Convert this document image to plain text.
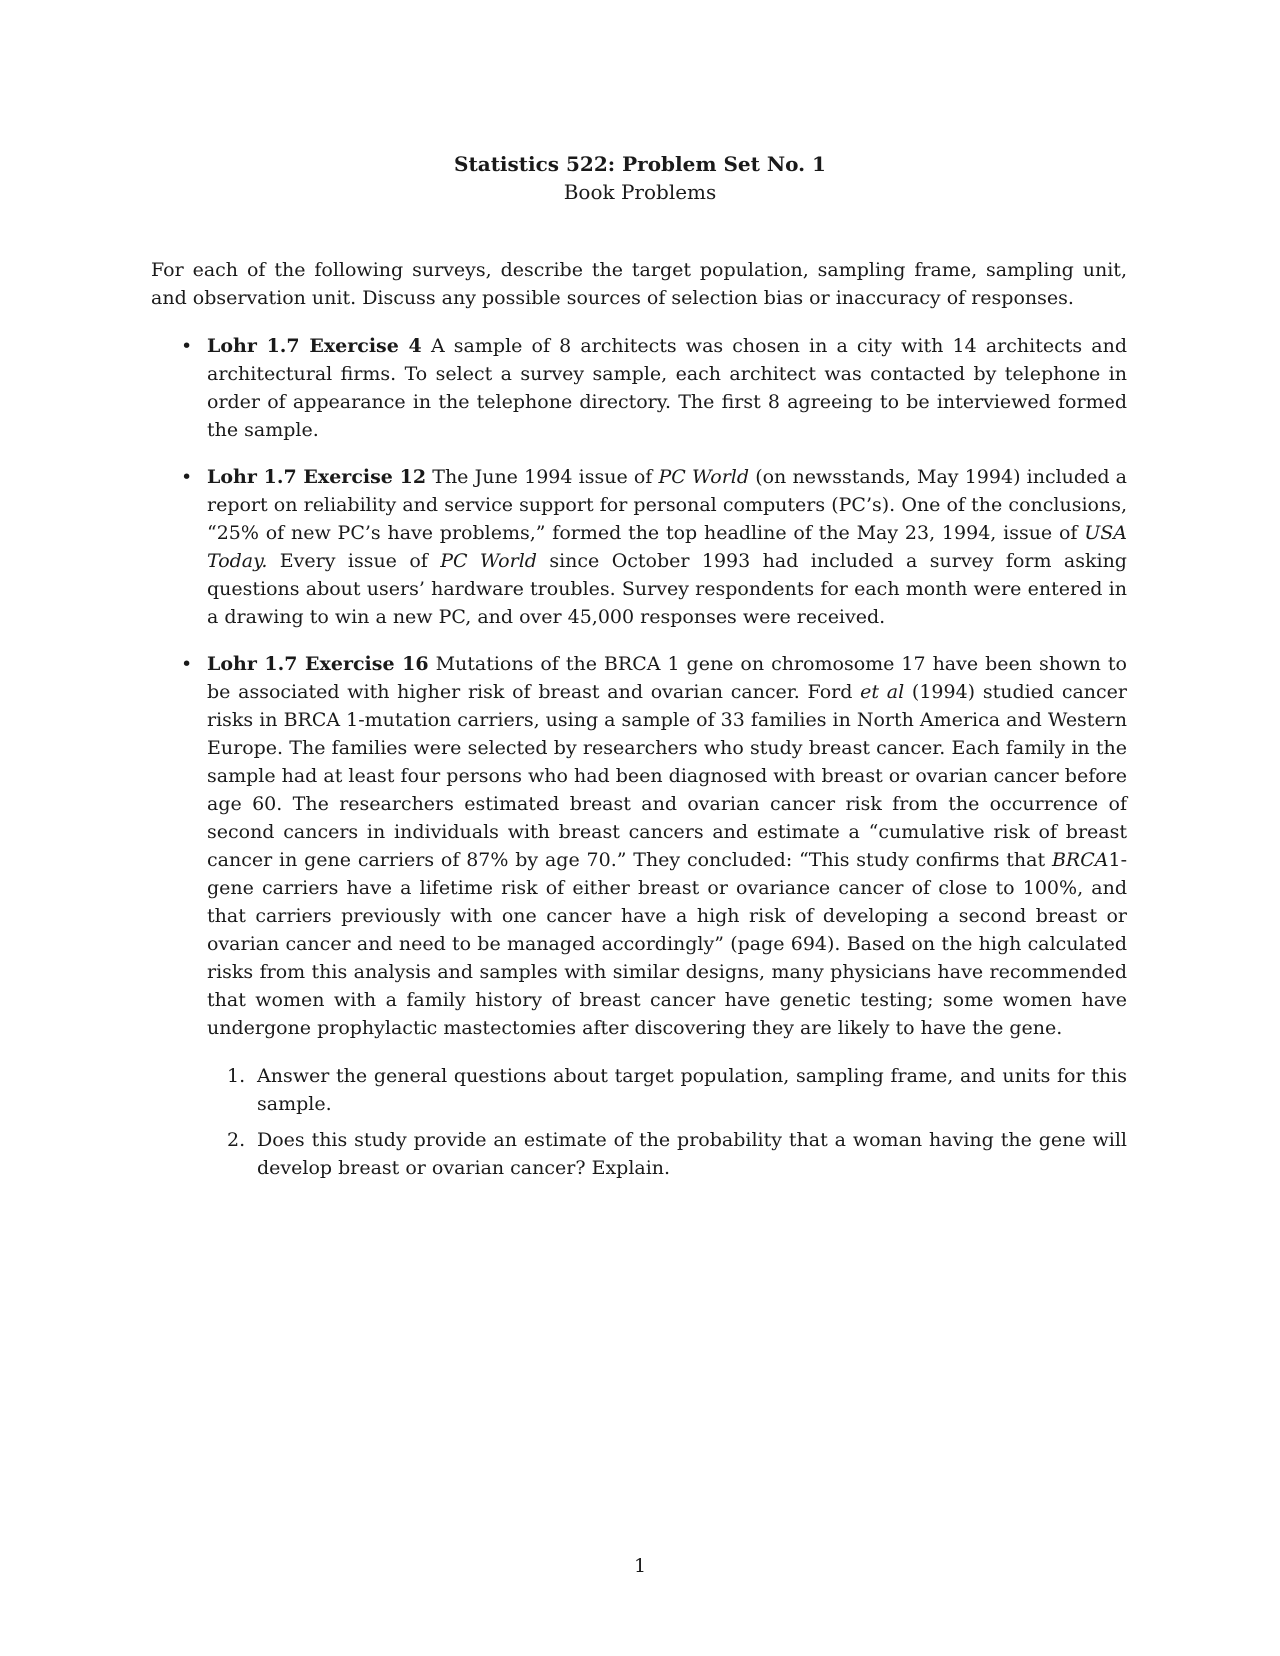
Statistics 522: Problem Set No. 1
Book Problems

For each of the following surveys, describe the target population, sampling frame, sampling unit, and observation unit. Discuss any possible sources of selection bias or inaccuracy of responses.

• Lohr 1.7 Exercise 4 A sample of 8 architects was chosen in a city with 14 architects and architectural firms. To select a survey sample, each architect was contacted by telephone in order of appearance in the telephone directory. The first 8 agreeing to be interviewed formed the sample.
• Lohr 1.7 Exercise 12 The June 1994 issue of PC World (on newsstands, May 1994) included a report on reliability and service support for personal computers (PC’s). One of the conclusions, “25% of new PC’s have problems,” formed the top headline of the May 23, 1994, issue of USA Today. Every issue of PC World since October 1993 had included a survey form asking questions about users’ hardware troubles. Survey respondents for each month were entered in a drawing to win a new PC, and over 45,000 responses were received.
• Lohr 1.7 Exercise 16 Mutations of the BRCA 1 gene on chromosome 17 have been shown to be associated with higher risk of breast and ovarian cancer. Ford et al (1994) studied cancer risks in BRCA 1-mutation carriers, using a sample of 33 families in North America and Western Europe. The families were selected by researchers who study breast cancer. Each family in the sample had at least four persons who had been diagnosed with breast or ovarian cancer before age 60. The researchers estimated breast and ovarian cancer risk from the occurrence of second cancers in individuals with breast cancers and estimate a “cumulative risk of breast cancer in gene carriers of 87% by age 70.” They concluded: “This study confirms that BRCA1-gene carriers have a lifetime risk of either breast or ovariance cancer of close to 100%, and that carriers previously with one cancer have a high risk of developing a second breast or ovarian cancer and need to be managed accordingly” (page 694). Based on the high calculated risks from this analysis and samples with similar designs, many physicians have recommended that women with a family history of breast cancer have genetic testing; some women have undergone prophylactic mastectomies after discovering they are likely to have the gene.
1. Answer the general questions about target population, sampling frame, and units for this sample.
2. Does this study provide an estimate of the probability that a woman having the gene will develop breast or ovarian cancer? Explain.
1
